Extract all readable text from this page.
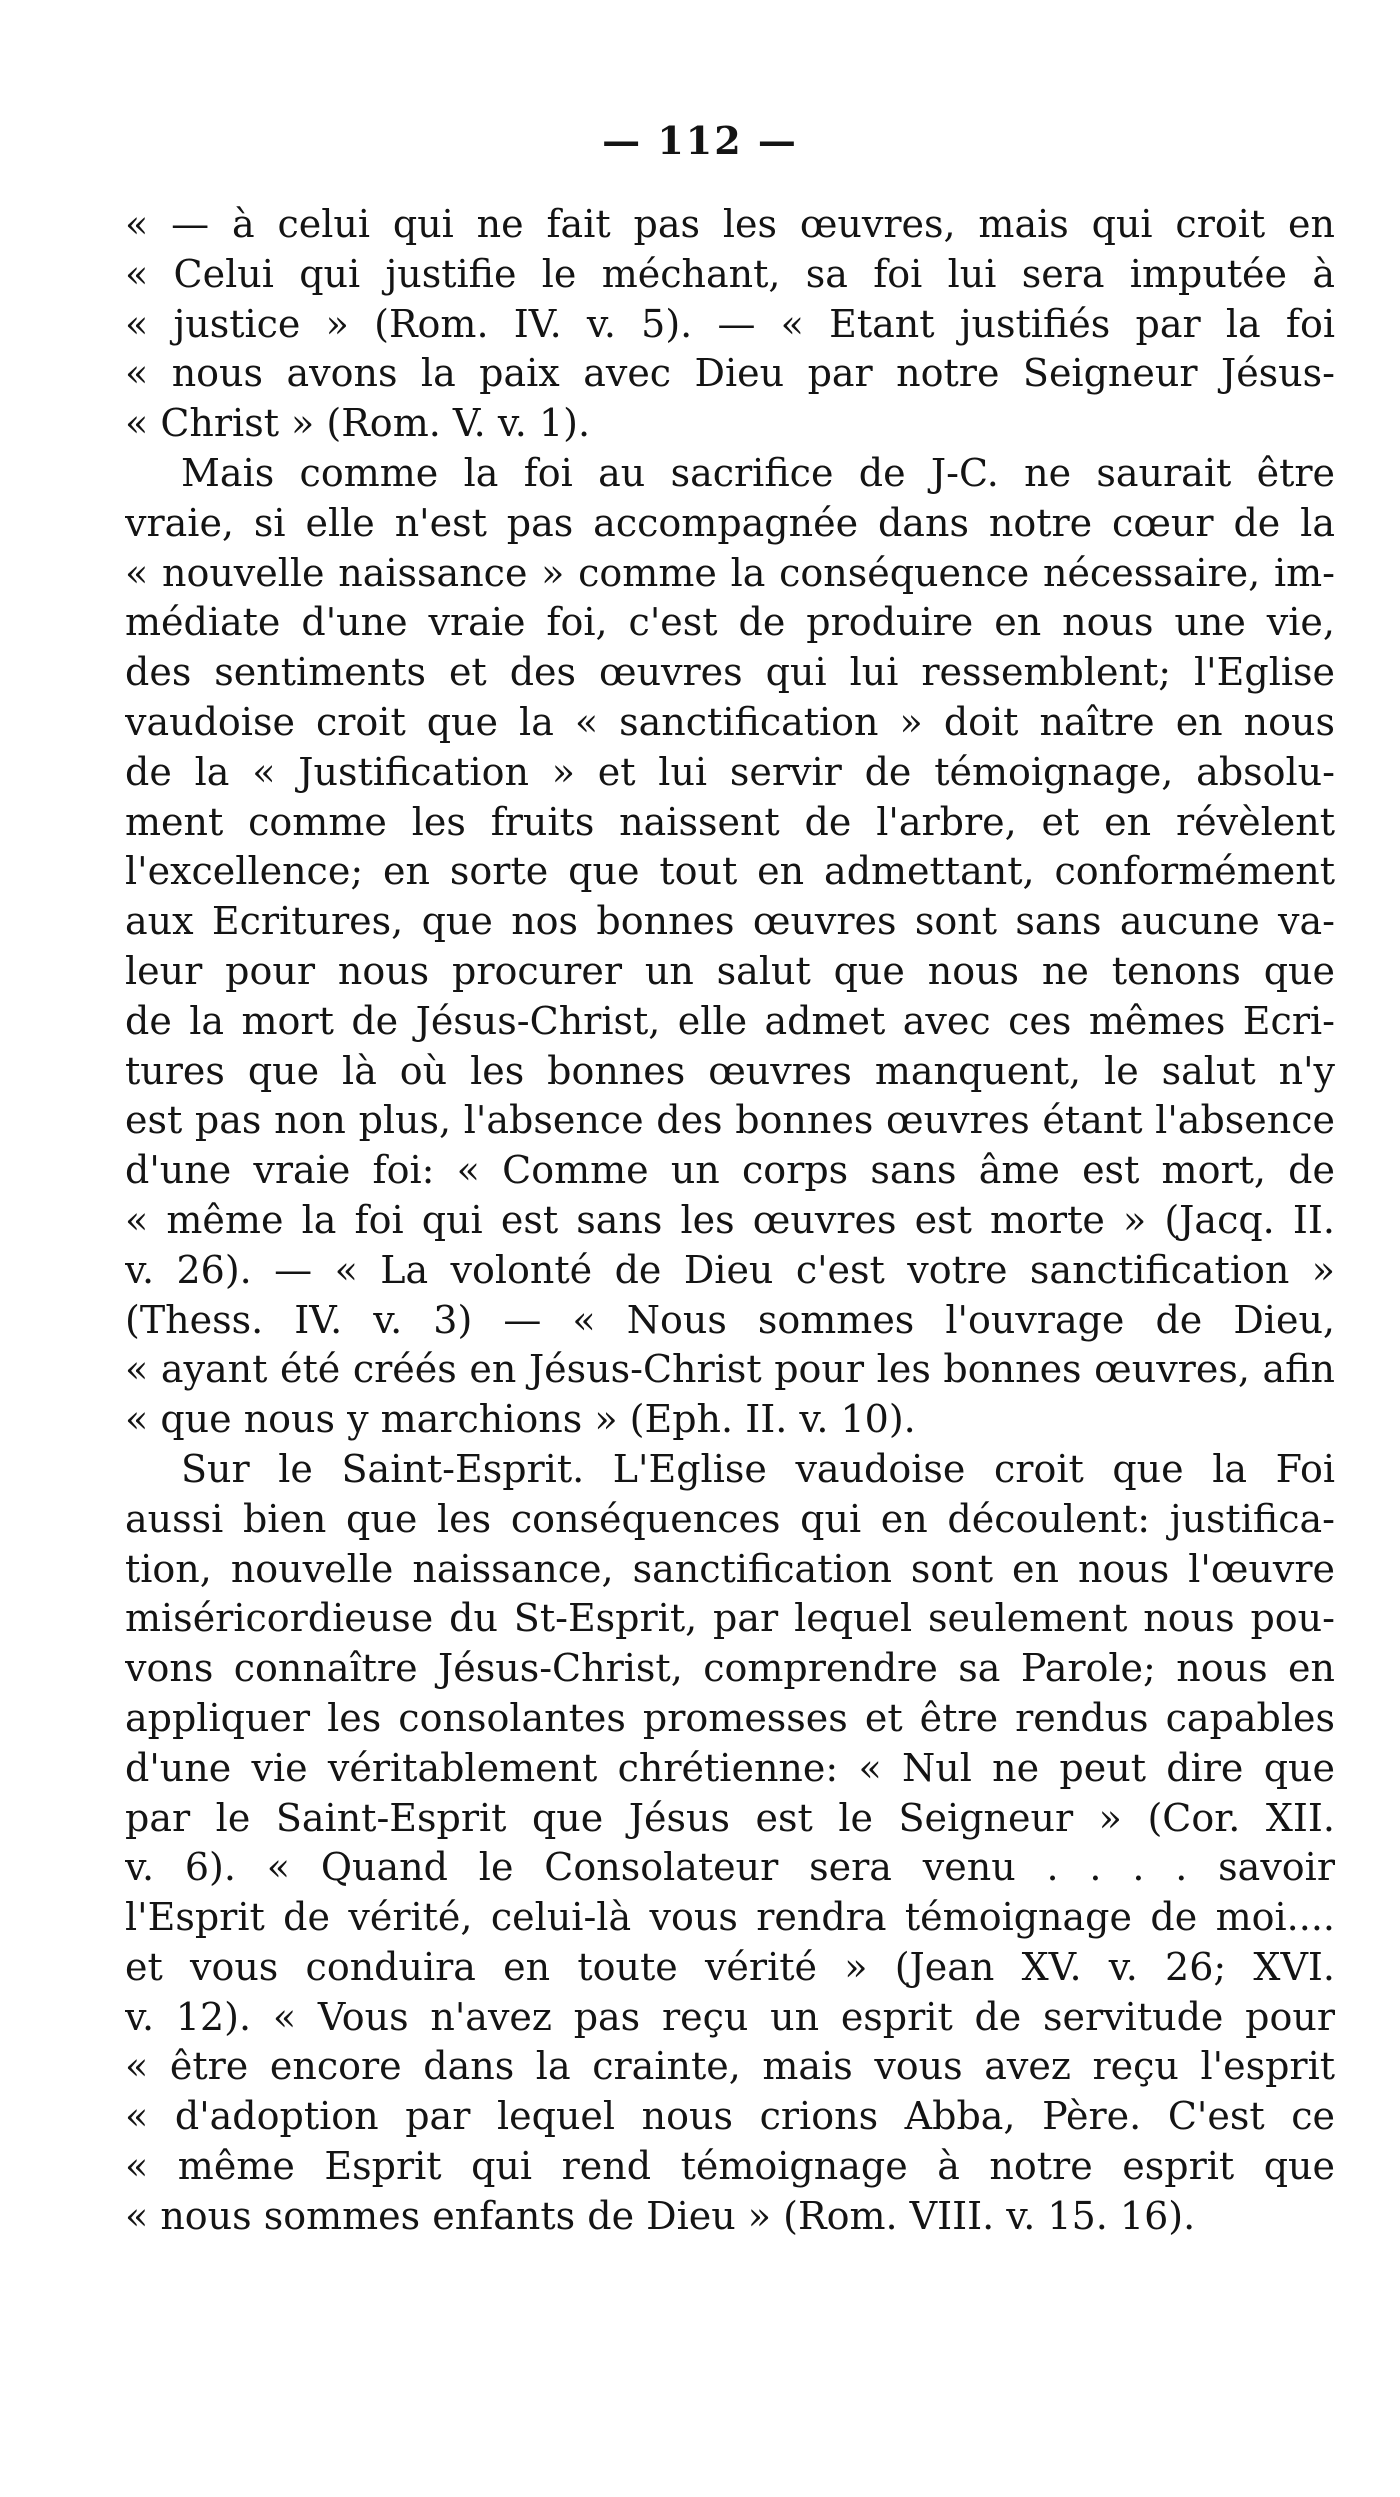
— 112 —
« — à celui qui ne fait pas les œuvres, mais qui croit en
« Celui qui justifie le méchant, sa foi lui sera imputée à
« justice » (Rom. IV. v. 5). — « Etant justifiés par la foi
« nous avons la paix avec Dieu par notre Seigneur Jésus-
« Christ » (Rom. V. v. 1).
Mais comme la foi au sacrifice de J-C. ne saurait être
vraie, si elle n'est pas accompagnée dans notre cœur de la
« nouvelle naissance » comme la conséquence nécessaire, im-
médiate d'une vraie foi, c'est de produire en nous une vie,
des sentiments et des œuvres qui lui ressemblent; l'Eglise
vaudoise croit que la « sanctification » doit naître en nous
de la « Justification » et lui servir de témoignage, absolu-
ment comme les fruits naissent de l'arbre, et en révèlent
l'excellence; en sorte que tout en admettant, conformément
aux Ecritures, que nos bonnes œuvres sont sans aucune va-
leur pour nous procurer un salut que nous ne tenons que
de la mort de Jésus-Christ, elle admet avec ces mêmes Ecri-
tures que là où les bonnes œuvres manquent, le salut n'y
est pas non plus, l'absence des bonnes œuvres étant l'absence
d'une vraie foi: « Comme un corps sans âme est mort, de
« même la foi qui est sans les œuvres est morte » (Jacq. II.
v. 26). — « La volonté de Dieu c'est votre sanctification »
(Thess. IV. v. 3) — « Nous sommes l'ouvrage de Dieu,
« ayant été créés en Jésus-Christ pour les bonnes œuvres, afin
« que nous y marchions » (Eph. II. v. 10).
Sur le Saint-Esprit. L'Eglise vaudoise croit que la Foi
aussi bien que les conséquences qui en découlent: justifica-
tion, nouvelle naissance, sanctification sont en nous l'œuvre
miséricordieuse du St-Esprit, par lequel seulement nous pou-
vons connaître Jésus-Christ, comprendre sa Parole; nous en
appliquer les consolantes promesses et être rendus capables
d'une vie véritablement chrétienne: « Nul ne peut dire que
par le Saint-Esprit que Jésus est le Seigneur » (Cor. XII.
v. 6). « Quand le Consolateur sera venu . . . . savoir
l'Esprit de vérité, celui-là vous rendra témoignage de moi....
et vous conduira en toute vérité » (Jean XV. v. 26; XVI.
v. 12). « Vous n'avez pas reçu un esprit de servitude pour
« être encore dans la crainte, mais vous avez reçu l'esprit
« d'adoption par lequel nous crions Abba, Père. C'est ce
« même Esprit qui rend témoignage à notre esprit que
« nous sommes enfants de Dieu » (Rom. VIII. v. 15. 16).
